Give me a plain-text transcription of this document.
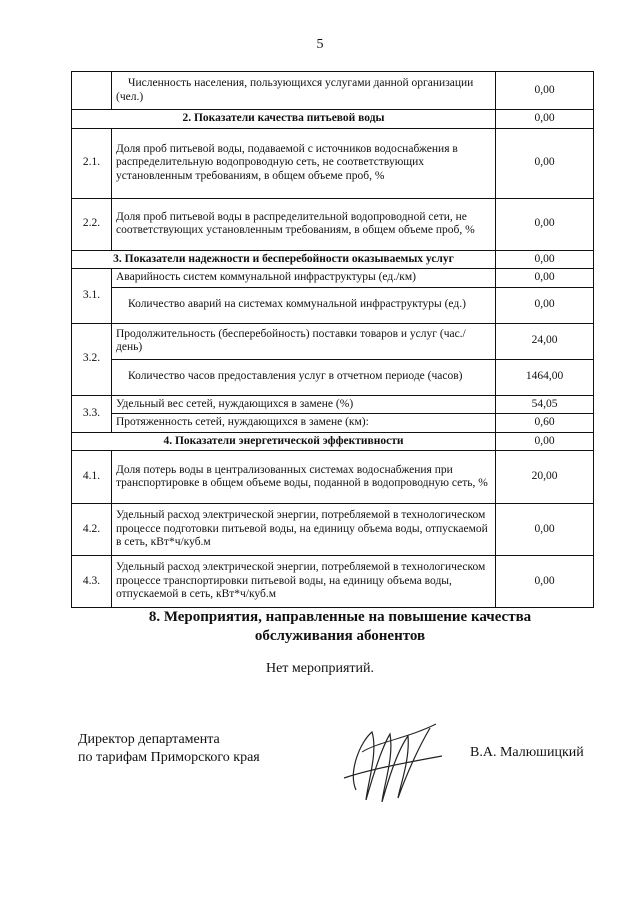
5
	Численность населения, пользующихся услугами данной организации (чел.)	0,00
2. Показатели качества питьевой воды		0,00
2.1.	Доля проб питьевой воды, подаваемой с источников водоснабжения в распределительную водопроводную сеть, не соответствующих установленным требованиям, в общем объеме проб, %	0,00
2.2.	Доля проб питьевой воды в распределительной водопроводной сети, не соответствующих установленным требованиям, в общем объеме проб, %	0,00
3. Показатели надежности и бесперебойности оказываемых услуг		0,00
3.1.	Аварийность систем коммунальной инфраструктуры (ед./км)	0,00
	Количество аварий на системах коммунальной инфраструктуры (ед.)	0,00
3.2.	Продолжительность (бесперебойность) поставки товаров и услуг (час./день)	24,00
	Количество часов предоставления услуг в отчетном периоде (часов)	1464,00
3.3.	Удельный вес сетей, нуждающихся в замене (%)	54,05
	Протяженность сетей, нуждающихся в замене (км):	0,60
4. Показатели энергетической эффективности		0,00
4.1.	Доля потерь воды в централизованных системах водоснабжения при транспортировке в общем объеме воды, поданной в водопроводную сеть, %	20,00
4.2.	Удельный расход электрической энергии, потребляемой в технологическом процессе подготовки питьевой воды, на единицу объема воды, отпускаемой в сеть, кВт*ч/куб.м	0,00
4.3.	Удельный расход электрической энергии, потребляемой в технологическом процессе транспортировки питьевой воды, на единицу объема воды, отпускаемой в сеть, кВт*ч/куб.м	0,00
8. Мероприятия, направленные на повышение качества
обслуживания абонентов
Нет мероприятий.
Директор департамента
по тарифам Приморского края	В.А. Малюшицкий
